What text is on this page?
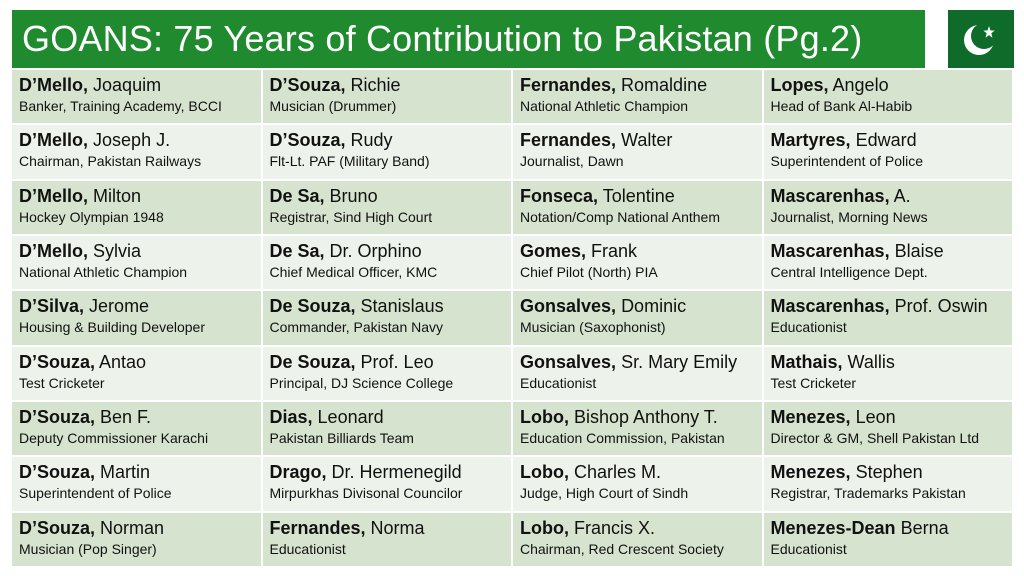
GOANS: 75 Years of Contribution to Pakistan (Pg.2)
D’Mello, Joaquim
Banker, Training Academy, BCCI
D’Souza, Richie
Musician (Drummer)
Fernandes, Romaldine
National Athletic Champion
Lopes, Angelo
Head of Bank Al-Habib
D’Mello, Joseph J.
Chairman, Pakistan Railways
D’Souza, Rudy
Flt-Lt. PAF (Military Band)
Fernandes, Walter
Journalist, Dawn
Martyres, Edward
Superintendent of Police
D’Mello, Milton
Hockey Olympian 1948
De Sa, Bruno
Registrar, Sind High Court
Fonseca, Tolentine
Notation/Comp National Anthem
Mascarenhas, A.
Journalist, Morning News
D’Mello, Sylvia
National Athletic Champion
De Sa, Dr. Orphino
Chief Medical Officer, KMC
Gomes, Frank
Chief Pilot (North) PIA
Mascarenhas, Blaise
Central Intelligence Dept.
D’Silva, Jerome
Housing & Building Developer
De Souza, Stanislaus
Commander, Pakistan Navy
Gonsalves, Dominic
Musician (Saxophonist)
Mascarenhas, Prof. Oswin
Educationist
D’Souza, Antao
Test Cricketer
De Souza, Prof. Leo
Principal, DJ Science College
Gonsalves, Sr. Mary Emily
Educationist
Mathais, Wallis
Test Cricketer
D’Souza, Ben F.
Deputy Commissioner Karachi
Dias, Leonard
Pakistan Billiards Team
Lobo, Bishop Anthony T.
Education Commission, Pakistan
Menezes, Leon
Director & GM, Shell Pakistan Ltd
D’Souza, Martin
Superintendent of Police
Drago, Dr. Hermenegild
Mirpurkhas Divisonal Councilor
Lobo, Charles M.
Judge, High Court of Sindh
Menezes, Stephen
Registrar, Trademarks Pakistan
D’Souza, Norman
Musician (Pop Singer)
Fernandes, Norma
Educationist
Lobo, Francis X.
Chairman, Red Crescent Society
Menezes-Dean Berna
Educationist
